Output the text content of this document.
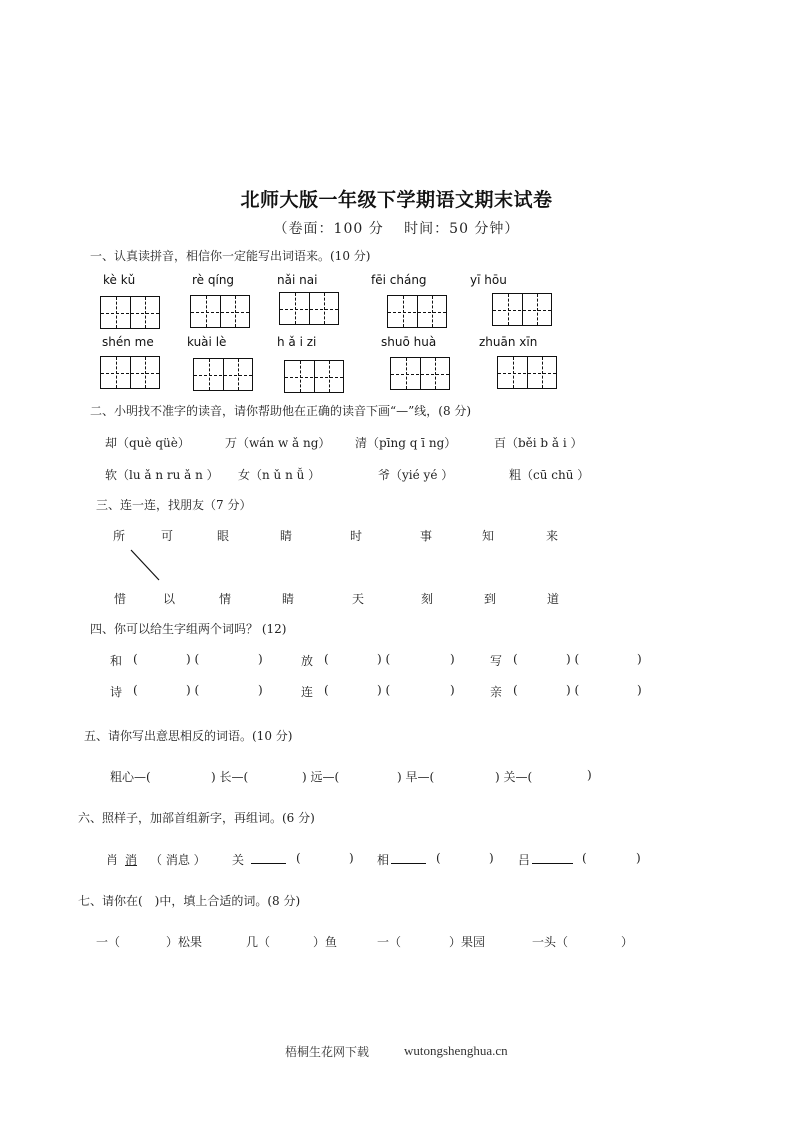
北师大版一年级下学期语文期末试卷
（卷面：100 分　 时间：50 分钟）
一、认真读拼音，相信你一定能写出词语来。(10 分)
kè kǔ	rè qíng	nǎi nai	fēi cháng	yī hōu
shén me	kuài lè	h ǎ i zi	shuō huà	zhuān xīn
二、小明找不准字的读音，请你帮助他在正确的读音下画“—”线，(8 分)
却（què qüè）	万（wán w ǎ ng） 清（pīng q ī ng）	百（běi b ǎ i ）
软（lu ǎ n ru ǎ n ） 女（n ǔ n ǚ ）	爷（yié yé ）	粗（cū chū ）
三、连一连，找朋友（7 分）
所	可	眼	睛	时	事	知	来
惜	以	情	睛	天	刻	到	道
四、你可以给生字组两个词吗？ (12)
和 (	) (	)	放 (	) (	)	写 (	) (	)
诗 (	) (	)	连 (	) (	)	亲 (	) (	)
五、请你写出意思相反的词语。(10 分)
粗心—(	) 长—(	) 远—(	) 早—(	) 关—(	)
六、照样子，加部首组新字，再组词。(6 分)
肖 消 （ 消息 ） 关	(	) 相	(	) 吕	(	)
七、请你在(　)中，填上合适的词。(8 分)
一（	）松果	几（	）鱼	一（	）果园	一头（	）
梧桐生花网下载	wutongshenghua.cn
